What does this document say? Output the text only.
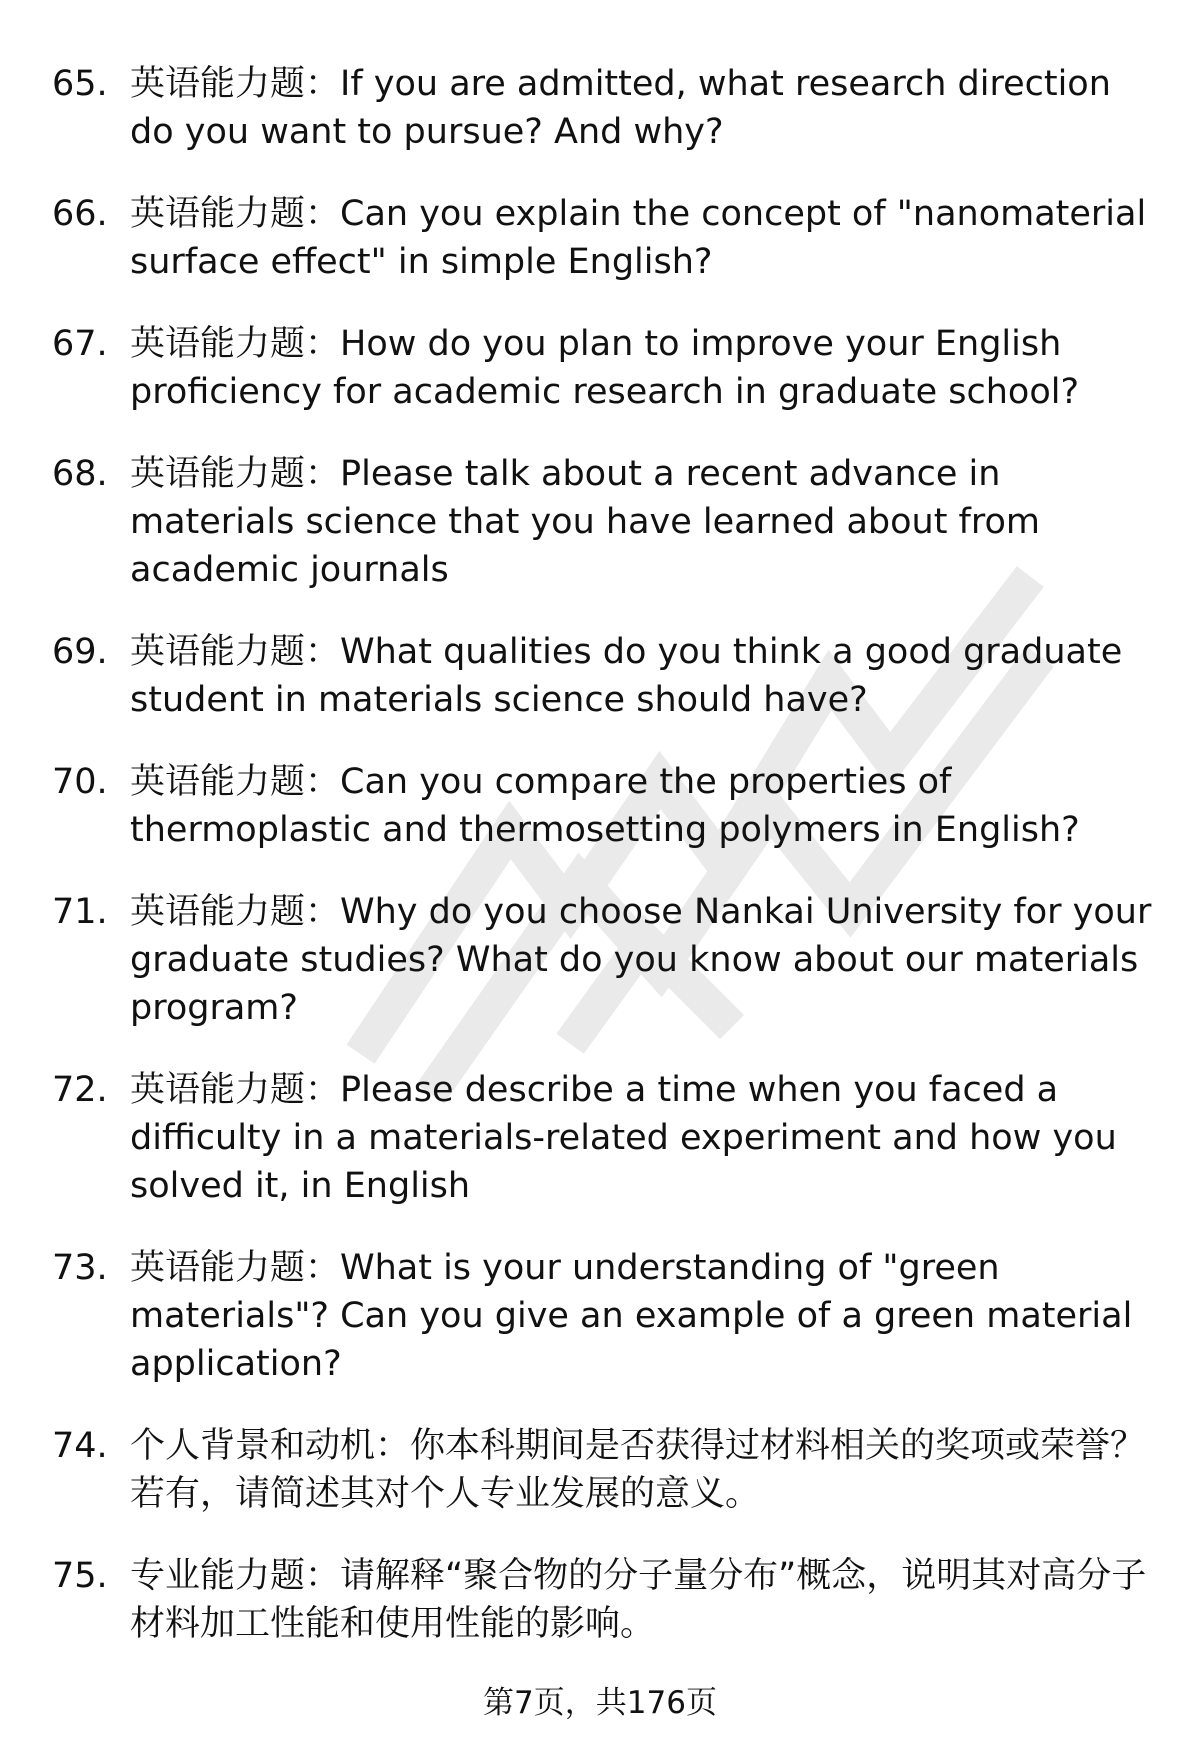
65. 英语能力题：If you are admitted, what research direction do you want to pursue? And why?
66. 英语能力题：Can you explain the concept of "nanomaterial surface effect" in simple English?
67. 英语能力题：How do you plan to improve your English proficiency for academic research in graduate school?
68. 英语能力题：Please talk about a recent advance in materials science that you have learned about from academic journals
69. 英语能力题：What qualities do you think a good graduate student in materials science should have?
70. 英语能力题：Can you compare the properties of thermoplastic and thermosetting polymers in English?
71. 英语能力题：Why do you choose Nankai University for your graduate studies? What do you know about our materials program?
72. 英语能力题：Please describe a time when you faced a difficulty in a materials-related experiment and how you solved it, in English
73. 英语能力题：What is your understanding of "green materials"? Can you give an example of a green material application?
74. 个人背景和动机：你本科期间是否获得过材料相关的奖项或荣誉？若有，请简述其对个人专业发展的意义。
75. 专业能力题：请解释“聚合物的分子量分布”概念，说明其对高分子材料加工性能和使用性能的影响。
第7页，共176页
